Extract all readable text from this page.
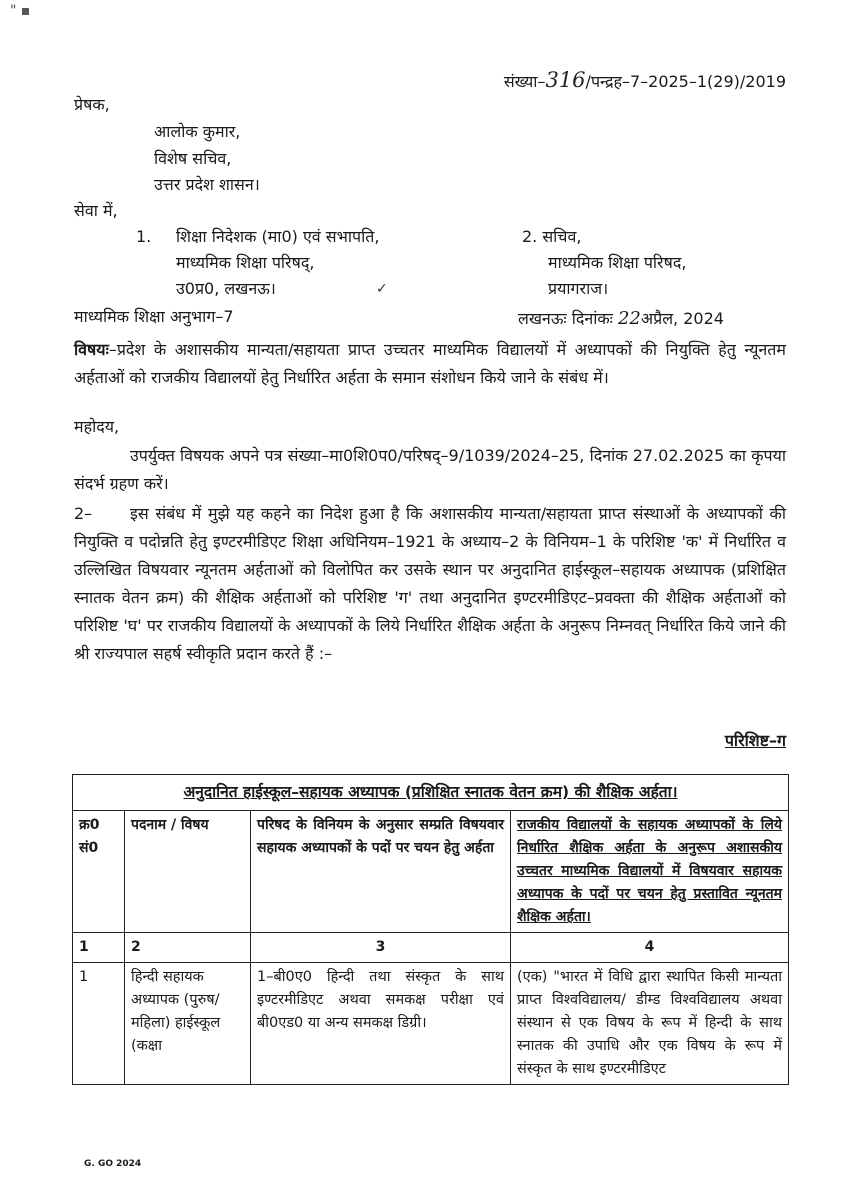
" ▪
संख्या–316/पन्द्रह–7–2025–1(29)/2019
प्रेषक,
आलोक कुमार,
विशेष सचिव,
उत्तर प्रदेश शासन।
सेवा में,
1. शिक्षा निदेशक (मा0) एवं सभापति,
माध्यमिक शिक्षा परिषद्,
उ0प्र0, लखनऊ।
2. सचिव,
माध्यमिक शिक्षा परिषद,
प्रयागराज।
✓
माध्यमिक शिक्षा अनुभाग–7	लखनऊः दिनांकः 22अप्रैल, 2024
विषयः–प्रदेश के अशासकीय मान्यता/सहायता प्राप्त उच्चतर माध्यमिक विद्यालयों में अध्यापकों की नियुक्ति हेतु न्यूनतम अर्हताओं को राजकीय विद्यालयों हेतु निर्धारित अर्हता के समान संशोधन किये जाने के संबंध में।
महोदय,
उपर्युक्त विषयक अपने पत्र संख्या–मा0शि0प0/परिषद्–9/1039/2024–25, दिनांक 27.02.2025 का कृपया संदर्भ ग्रहण करें।
2– इस संबंध में मुझे यह कहने का निदेश हुआ है कि अशासकीय मान्यता/सहायता प्राप्त संस्थाओं के अध्यापकों की नियुक्ति व पदोन्नति हेतु इण्टरमीडिएट शिक्षा अधिनियम–1921 के अध्याय–2 के विनियम–1 के परिशिष्ट 'क' में निर्धारित व उल्लिखित विषयवार न्यूनतम अर्हताओं को विलोपित कर उसके स्थान पर अनुदानित हाईस्कूल–सहायक अध्यापक (प्रशिक्षित स्नातक वेतन क्रम) की शैक्षिक अर्हताओं को परिशिष्ट 'ग' तथा अनुदानित इण्टरमीडिएट–प्रवक्ता की शैक्षिक अर्हताओं को परिशिष्ट 'घ' पर राजकीय विद्यालयों के अध्यापकों के लिये निर्धारित शैक्षिक अर्हता के अनुरूप निम्नवत् निर्धारित किये जाने की श्री राज्यपाल सहर्ष स्वीकृति प्रदान करते हैं :–
परिशिष्ट–ग
अनुदानित हाईस्कूल–सहायक अध्यापक (प्रशिक्षित स्नातक वेतन क्रम) की शैक्षिक अर्हता।			
क्र0 सं0	पदनाम / विषय	परिषद के विनियम के अनुसार सम्प्रति विषयवार सहायक अध्यापकों के पदों पर चयन हेतु अर्हता	राजकीय विद्यालयों के सहायक अध्यापकों के लिये निर्धारित शैक्षिक अर्हता के अनुरूप अशासकीय उच्चतर माध्यमिक विद्यालयों में विषयवार सहायक अध्यापक के पदों पर चयन हेतु प्रस्तावित न्यूनतम शैक्षिक अर्हता।
1	2	3	4
1	हिन्दी सहायक अध्यापक (पुरुष/ महिला) हाईस्कूल (कक्षा	1–बी0ए0 हिन्दी तथा संस्कृत के साथ इण्टरमीडिएट अथवा समकक्ष परीक्षा एवं बी0एड0 या अन्य समकक्ष डिग्री।	(एक) "भारत में विधि द्वारा स्थापित किसी मान्यता प्राप्त विश्वविद्यालय/ डीम्ड विश्वविद्यालय अथवा संस्थान से एक विषय के रूप में हिन्दी के साथ स्नातक की उपाधि और एक विषय के रूप में संस्कृत के साथ इण्टरमीडिएट
G. GO 2024
